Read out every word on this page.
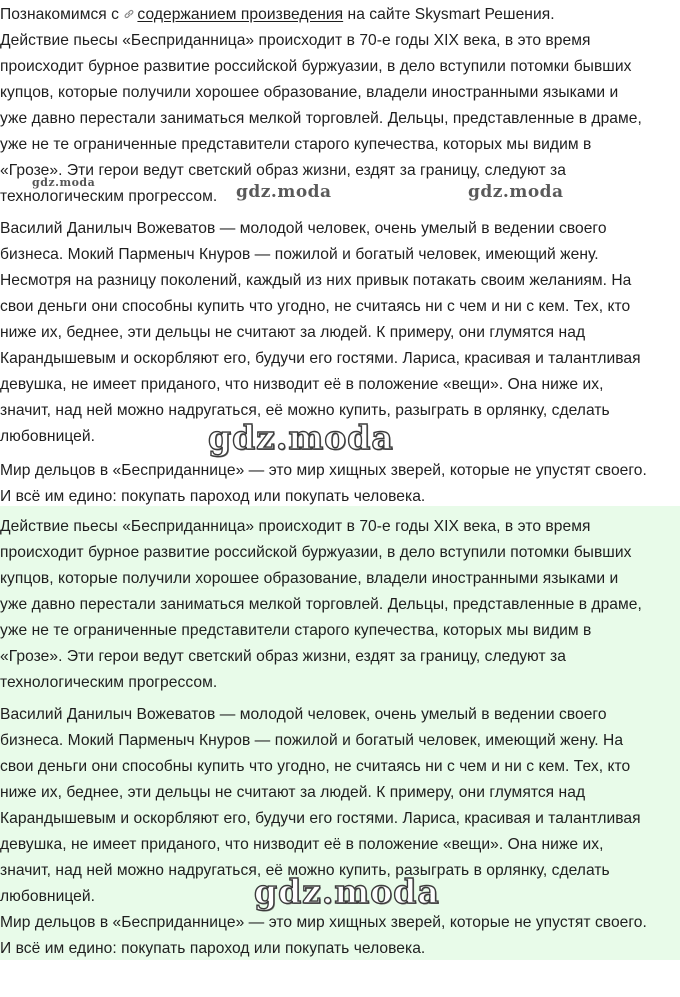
Познакомимся с содержанием произведения на сайте Skysmart Решения.

Действие пьесы «Бесприданница» происходит в 70-е годы XIX века, в это время
происходит бурное развитие российской буржуазии, в дело вступили потомки бывших
купцов, которые получили хорошее образование, владели иностранными языками и
уже давно перестали заниматься мелкой торговлей. Дельцы, представленные в драме,
уже не те ограниченные представители старого купечества, которых мы видим в
«Грозе». Эти герои ведут светский образ жизни, ездят за границу, следуют за
технологическим прогрессом.

Василий Данилыч Вожеватов — молодой человек, очень умелый в ведении своего
бизнеса. Мокий Парменыч Кнуров — пожилой и богатый человек, имеющий жену.
Несмотря на разницу поколений, каждый из них привык потакать своим желаниям. На
свои деньги они способны купить что угодно, не считаясь ни с чем и ни с кем. Тех, кто
ниже их, беднее, эти дельцы не считают за людей. К примеру, они глумятся над
Карандышевым и оскорбляют его, будучи его гостями. Лариса, красивая и талантливая
девушка, не имеет приданого, что низводит её в положение «вещи». Она ниже их,
значит, над ней можно надругаться, её можно купить, разыграть в орлянку, сделать
любовницей.

Мир дельцов в «Бесприданнице» — это мир хищных зверей, которые не упустят своего.
И всё им едино: покупать пароход или покупать человека.

gdz.moda	gdz.moda	gdz.moda
gdz.moda

Действие пьесы «Бесприданница» происходит в 70-е годы XIX века, в это время
происходит бурное развитие российской буржуазии, в дело вступили потомки бывших
купцов, которые получили хорошее образование, владели иностранными языками и
уже давно перестали заниматься мелкой торговлей. Дельцы, представленные в драме,
уже не те ограниченные представители старого купечества, которых мы видим в
«Грозе». Эти герои ведут светский образ жизни, ездят за границу, следуют за
технологическим прогрессом.

Василий Данилыч Вожеватов — молодой человек, очень умелый в ведении своего
бизнеса. Мокий Парменыч Кнуров — пожилой и богатый человек, имеющий жену. На
свои деньги они способны купить что угодно, не считаясь ни с чем и ни с кем. Тех, кто
ниже их, беднее, эти дельцы не считают за людей. К примеру, они глумятся над
Карандышевым и оскорбляют его, будучи его гостями. Лариса, красивая и талантливая
девушка, не имеет приданого, что низводит её в положение «вещи». Она ниже их,
значит, над ней можно надругаться, её можно купить, разыграть в орлянку, сделать
любовницей.

Мир дельцов в «Бесприданнице» — это мир хищных зверей, которые не упустят своего.
И всё им едино: покупать пароход или покупать человека.

gdz.moda
